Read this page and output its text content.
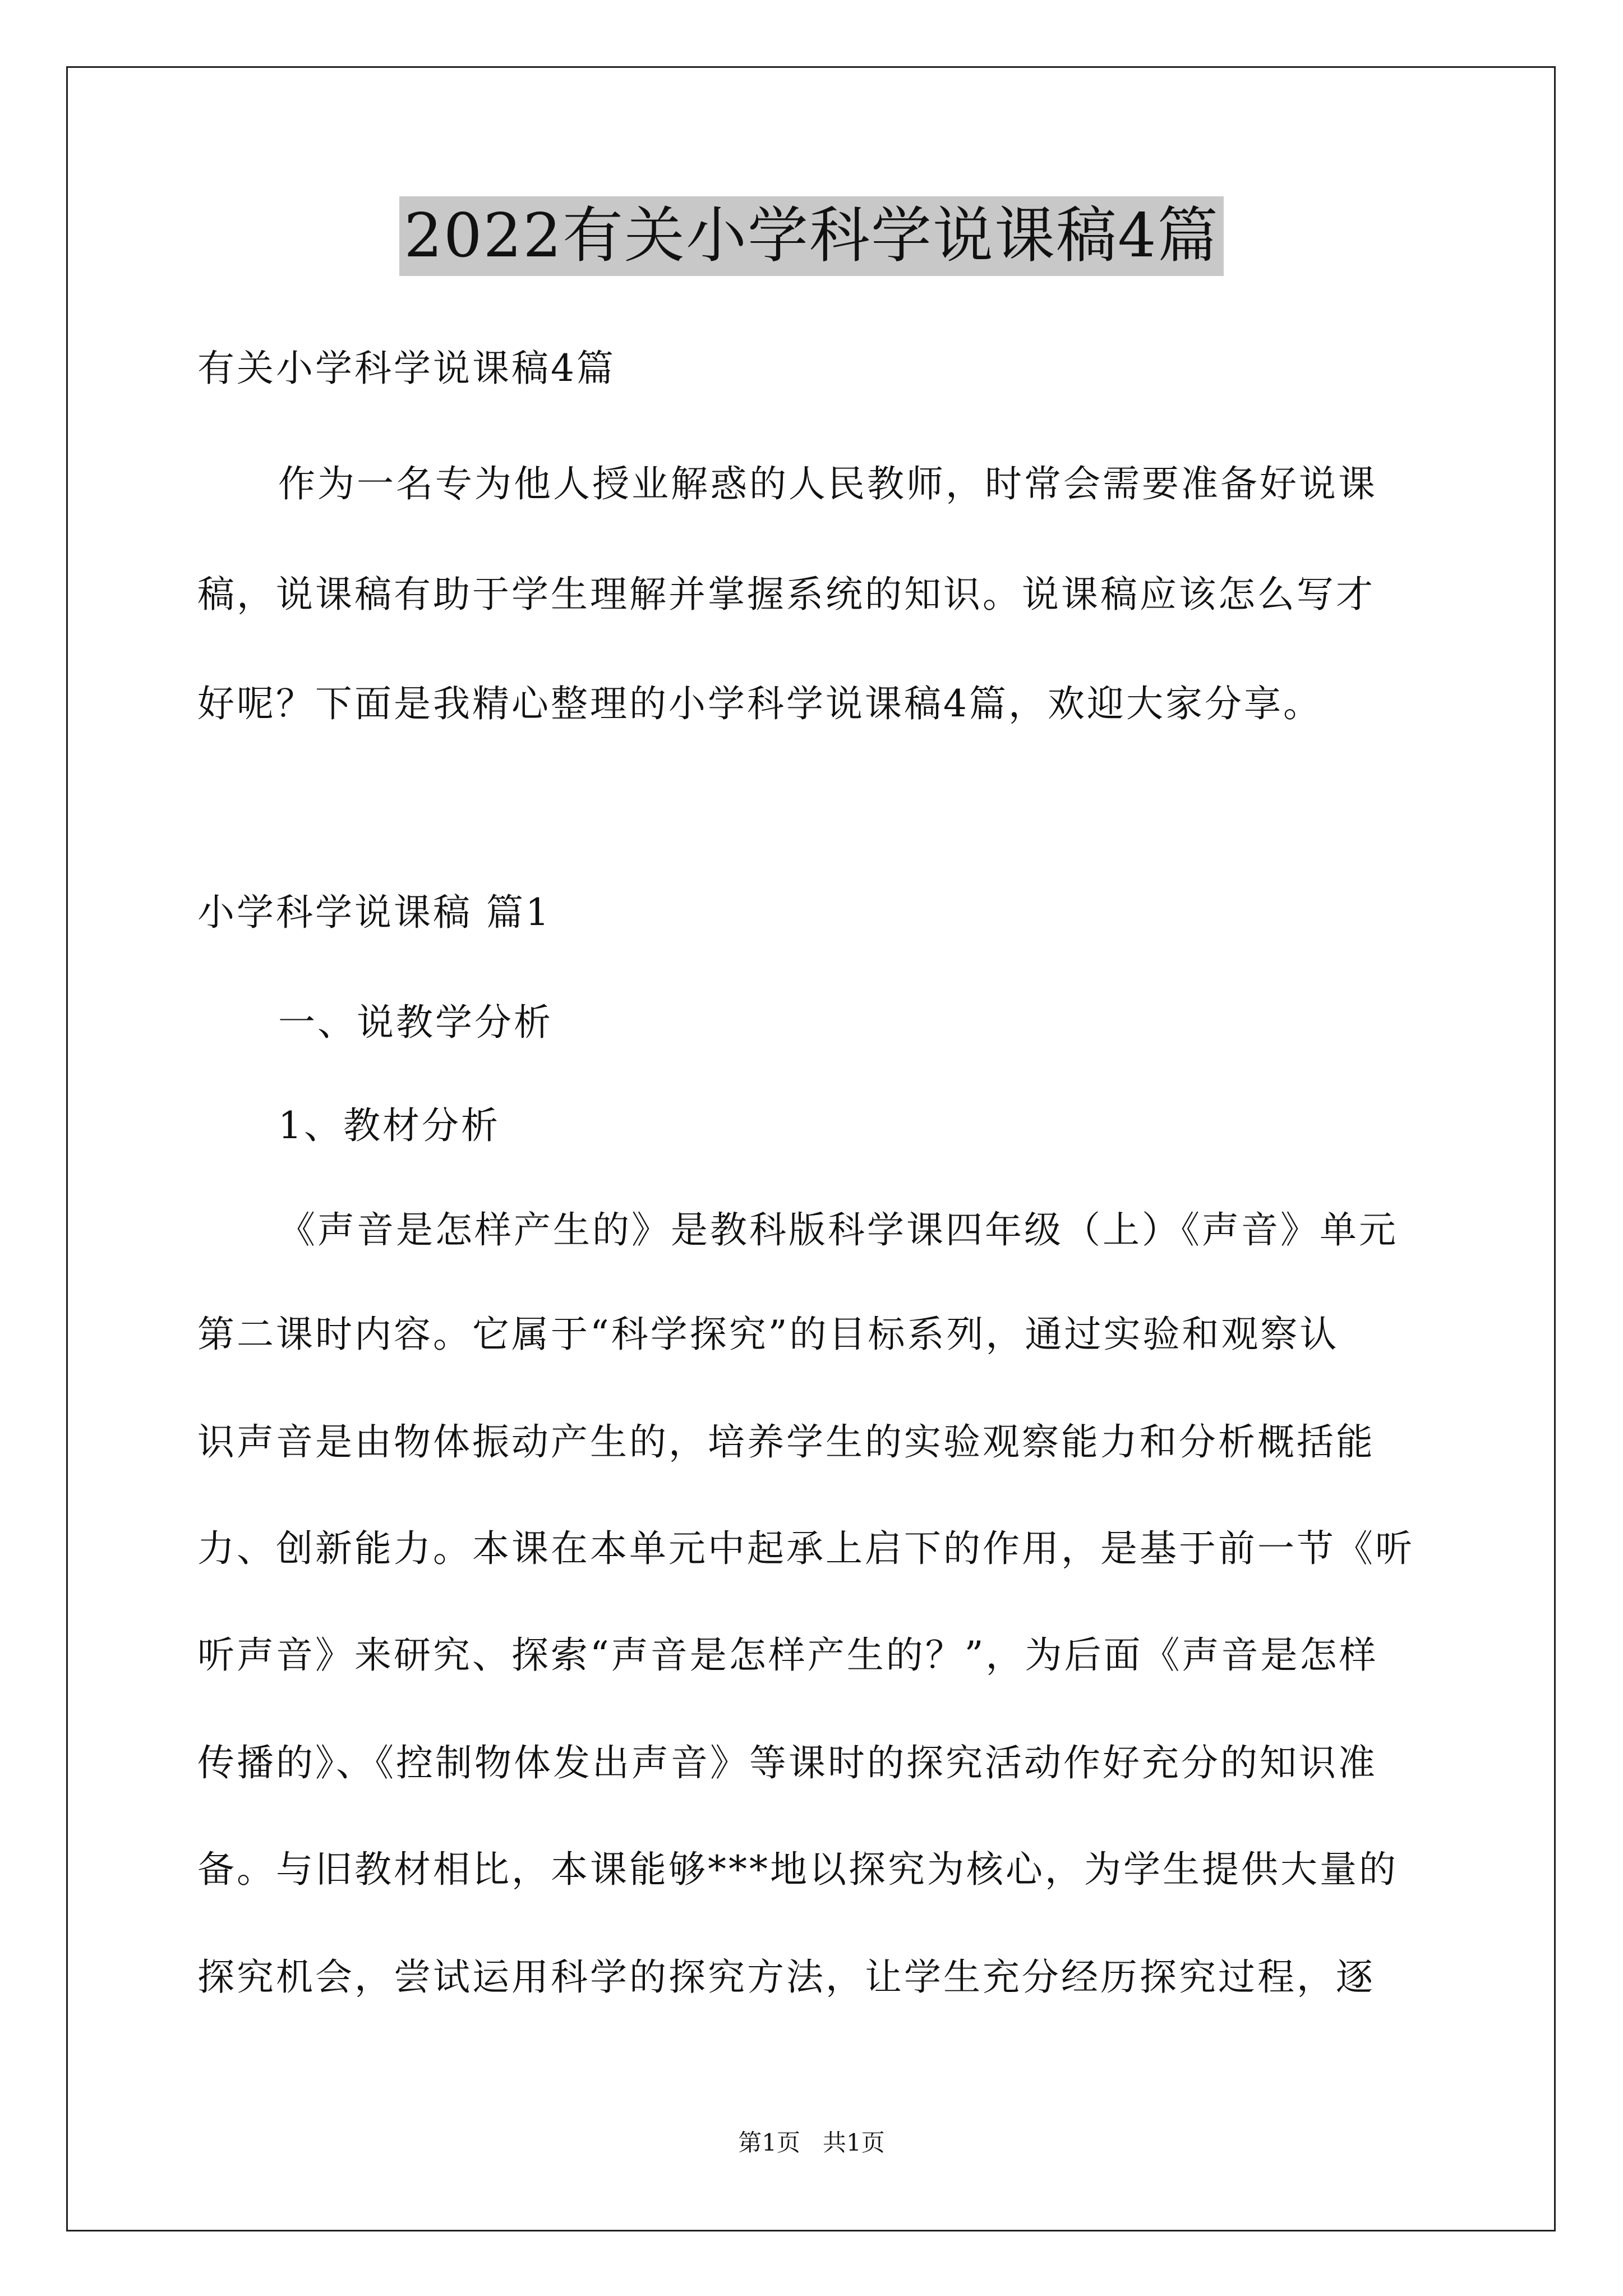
2022有关小学科学说课稿4篇
有关小学科学说课稿4篇
作为一名专为他人授业解惑的人民教师，时常会需要准备好说课
稿，说课稿有助于学生理解并掌握系统的知识。说课稿应该怎么写才
好呢？下面是我精心整理的小学科学说课稿4篇，欢迎大家分享。
小学科学说课稿 篇1
一、说教学分析
1、教材分析
《声音是怎样产生的》是教科版科学课四年级（上）《声音》单元
第二课时内容。它属于“科学探究”的目标系列，通过实验和观察认
识声音是由物体振动产生的，培养学生的实验观察能力和分析概括能
力、创新能力。本课在本单元中起承上启下的作用，是基于前一节《听
听声音》来研究、探索“声音是怎样产生的？”，为后面《声音是怎样
传播的》、《控制物体发出声音》等课时的探究活动作好充分的知识准
备。与旧教材相比，本课能够***地以探究为核心，为学生提供大量的
探究机会，尝试运用科学的探究方法，让学生充分经历探究过程，逐
第1页   共1页
